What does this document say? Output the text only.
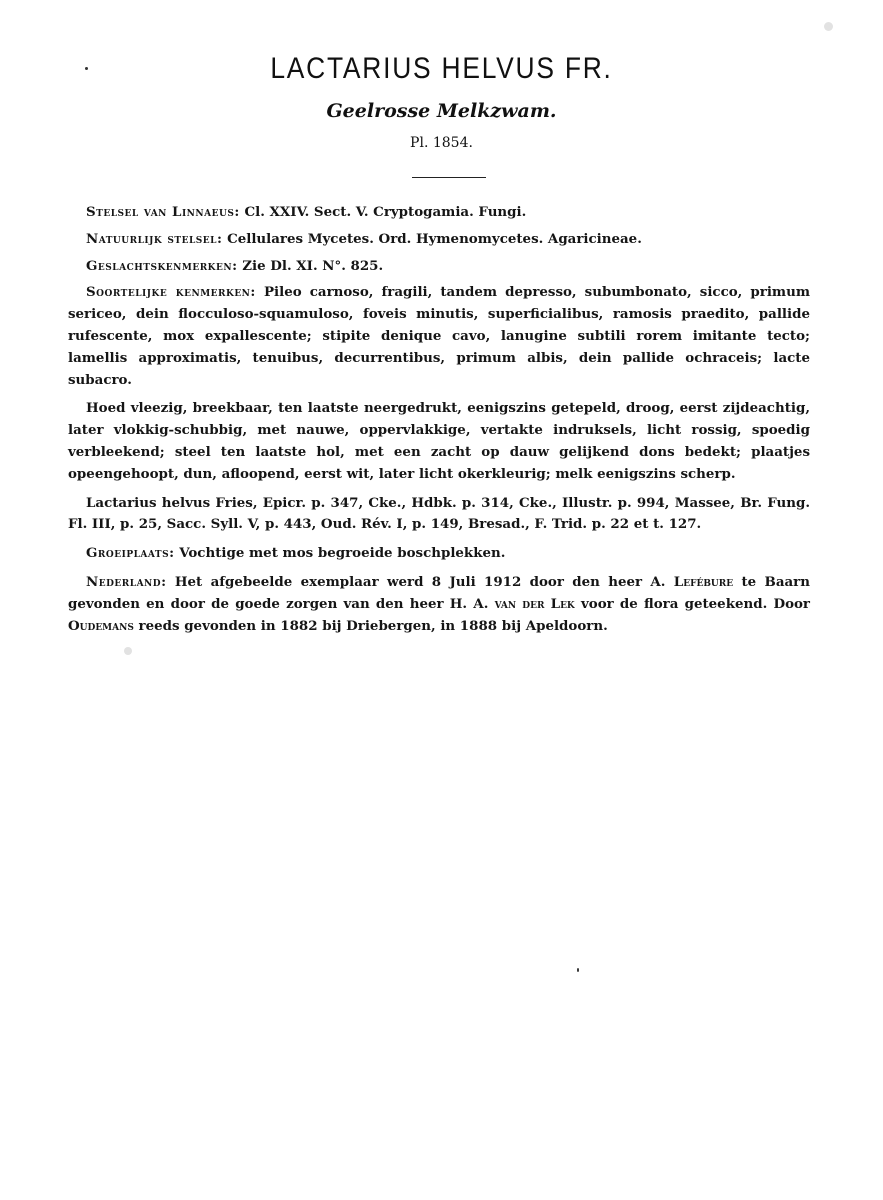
LACTARIUS HELVUS FR.
Geelrosse Melkzwam.

Pl. 1854.

Stelsel van Linnaeus: Cl. XXIV. Sect. V. Cryptogamia. Fungi.

Natuurlijk stelsel: Cellulares Mycetes. Ord. Hymenomycetes. Agaricineae.

Geslachtskenmerken: Zie Dl. XI. N°. 825.

Soortelijke kenmerken: Pileo carnoso, fragili, tandem depresso, subumbonato, sicco, primum sericeo, dein flocculoso-squamuloso, foveis minutis, superficialibus, ramosis praedito, pallide rufescente, mox expallescente; stipite denique cavo, lanugine subtili rorem imitante tecto; lamellis approximatis, tenuibus, decurrentibus, primum albis, dein pallide ochraceis; lacte subacro.

Hoed vleezig, breekbaar, ten laatste neergedrukt, eenigszins getepeld, droog, eerst zijdeachtig, later vlokkig-schubbig, met nauwe, oppervlakkige, vertakte indruksels, licht rossig, spoedig verbleekend; steel ten laatste hol, met een zacht op dauw gelijkend dons bedekt; plaatjes opeengehoopt, dun, afloopend, eerst wit, later licht okerkleurig; melk eenigszins scherp.

Lactarius helvus Fries, Epicr. p. 347, Cke., Hdbk. p. 314, Cke., Illustr. p. 994, Massee, Br. Fung. Fl. III, p. 25, Sacc. Syll. V, p. 443, Oud. Rév. I, p. 149, Bresad., F. Trid. p. 22 et t. 127.

Groeiplaats: Vochtige met mos begroeide boschplekken.

Nederland: Het afgebeelde exemplaar werd 8 Juli 1912 door den heer A. Lefébure te Baarn gevonden en door de goede zorgen van den heer H. A. van der Lek voor de flora geteekend. Door Oudemans reeds gevonden in 1882 bij Driebergen, in 1888 bij Apeldoorn.
